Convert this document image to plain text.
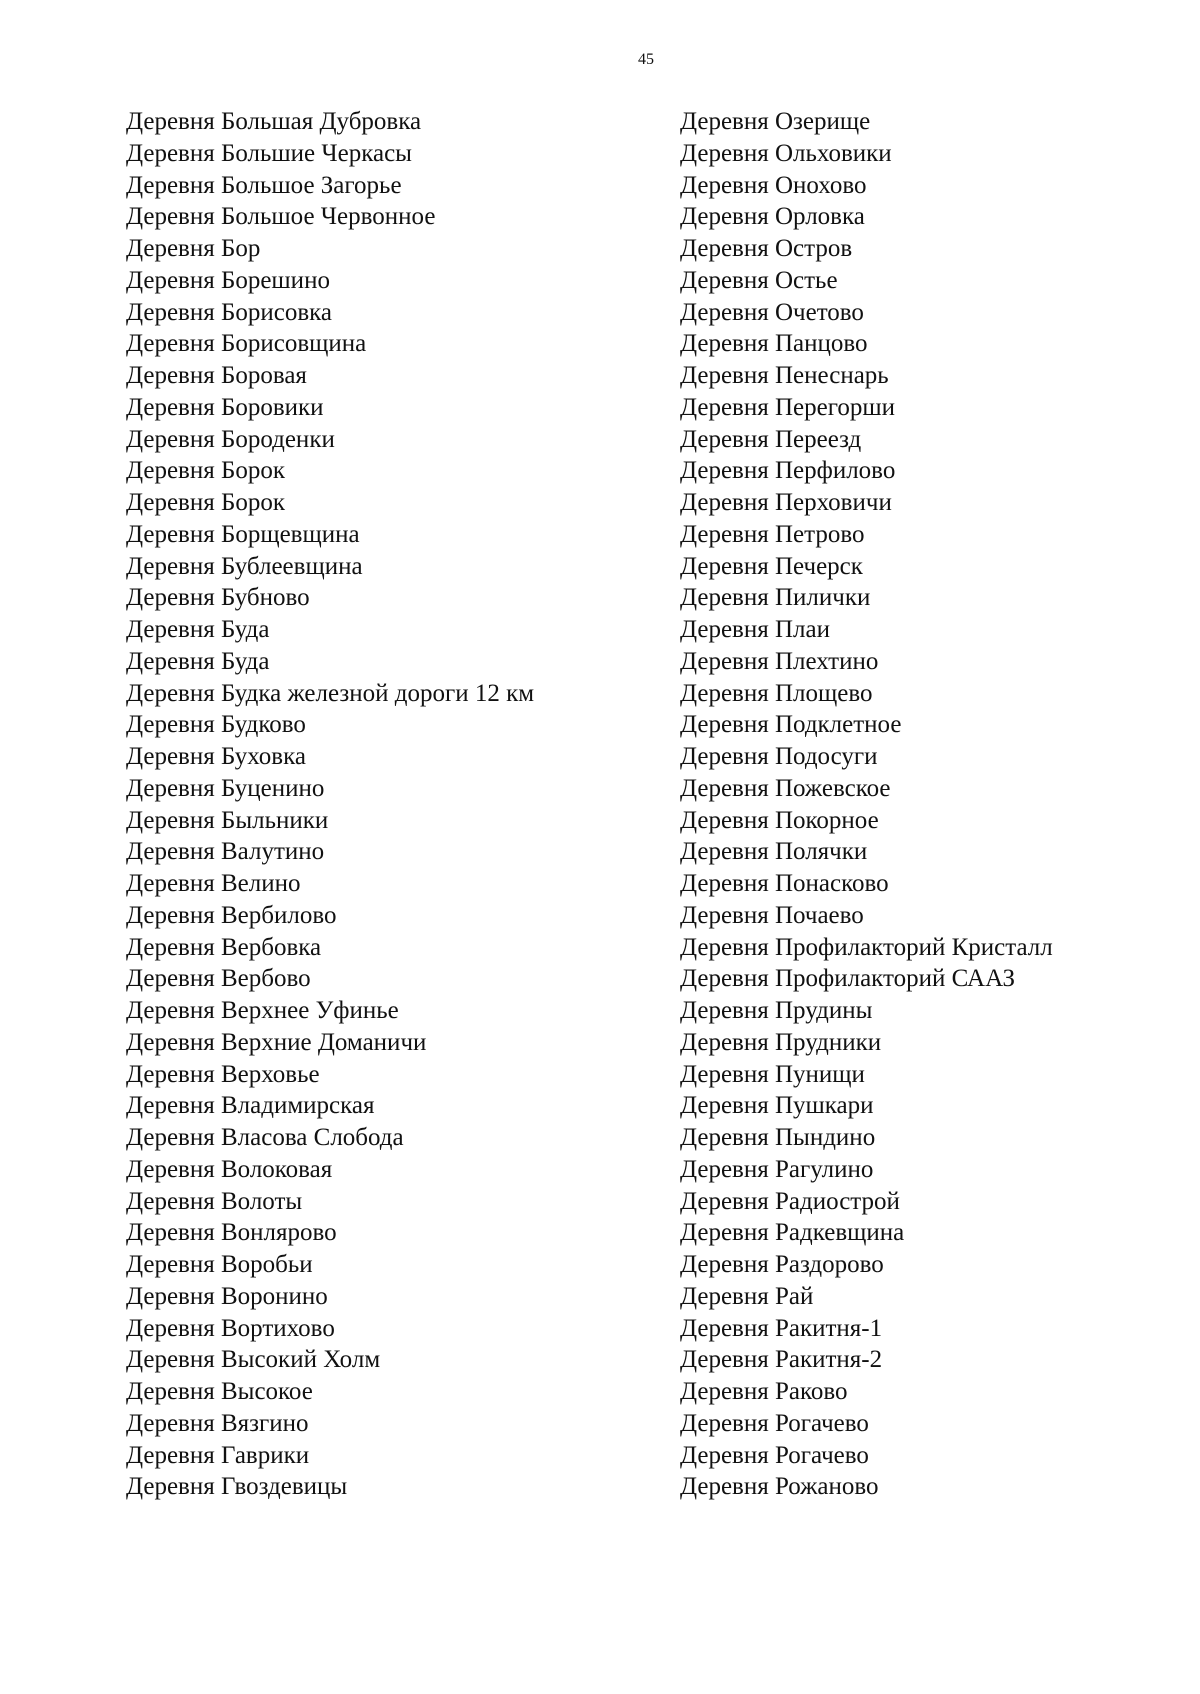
45
Деревня Большая Дубровка
Деревня Большие Черкасы
Деревня Большое Загорье
Деревня Большое Червонное
Деревня Бор
Деревня Борешино
Деревня Борисовка
Деревня Борисовщина
Деревня Боровая
Деревня Боровики
Деревня Бороденки
Деревня Борок
Деревня Борок
Деревня Борщевщина
Деревня Бублеевщина
Деревня Бубново
Деревня Буда
Деревня Буда
Деревня Будка железной дороги 12 км
Деревня Будково
Деревня Буховка
Деревня Буценино
Деревня Быльники
Деревня Валутино
Деревня Велино
Деревня Вербилово
Деревня Вербовка
Деревня Вербово
Деревня Верхнее Уфинье
Деревня Верхние Доманичи
Деревня Верховье
Деревня Владимирская
Деревня Власова Слобода
Деревня Волоковая
Деревня Волоты
Деревня Вонлярово
Деревня Воробьи
Деревня Воронино
Деревня Вортихово
Деревня Высокий Холм
Деревня Высокое
Деревня Вязгино
Деревня Гаврики
Деревня Гвоздевицы
Деревня Озерище
Деревня Ольховики
Деревня Онохово
Деревня Орловка
Деревня Остров
Деревня Остье
Деревня Очетово
Деревня Панцово
Деревня Пенеснарь
Деревня Перегорши
Деревня Переезд
Деревня Перфилово
Деревня Перховичи
Деревня Петрово
Деревня Печерск
Деревня Пилички
Деревня Плаи
Деревня Плехтино
Деревня Площево
Деревня Подклетное
Деревня Подосуги
Деревня Пожевское
Деревня Покорное
Деревня Полячки
Деревня Понасково
Деревня Почаево
Деревня Профилакторий Кристалл
Деревня Профилакторий СААЗ
Деревня Прудины
Деревня Прудники
Деревня Пунищи
Деревня Пушкари
Деревня Пындино
Деревня Рагулино
Деревня Радиострой
Деревня Радкевщина
Деревня Раздорово
Деревня Рай
Деревня Ракитня-1
Деревня Ракитня-2
Деревня Раково
Деревня Рогачево
Деревня Рогачево
Деревня Рожаново
